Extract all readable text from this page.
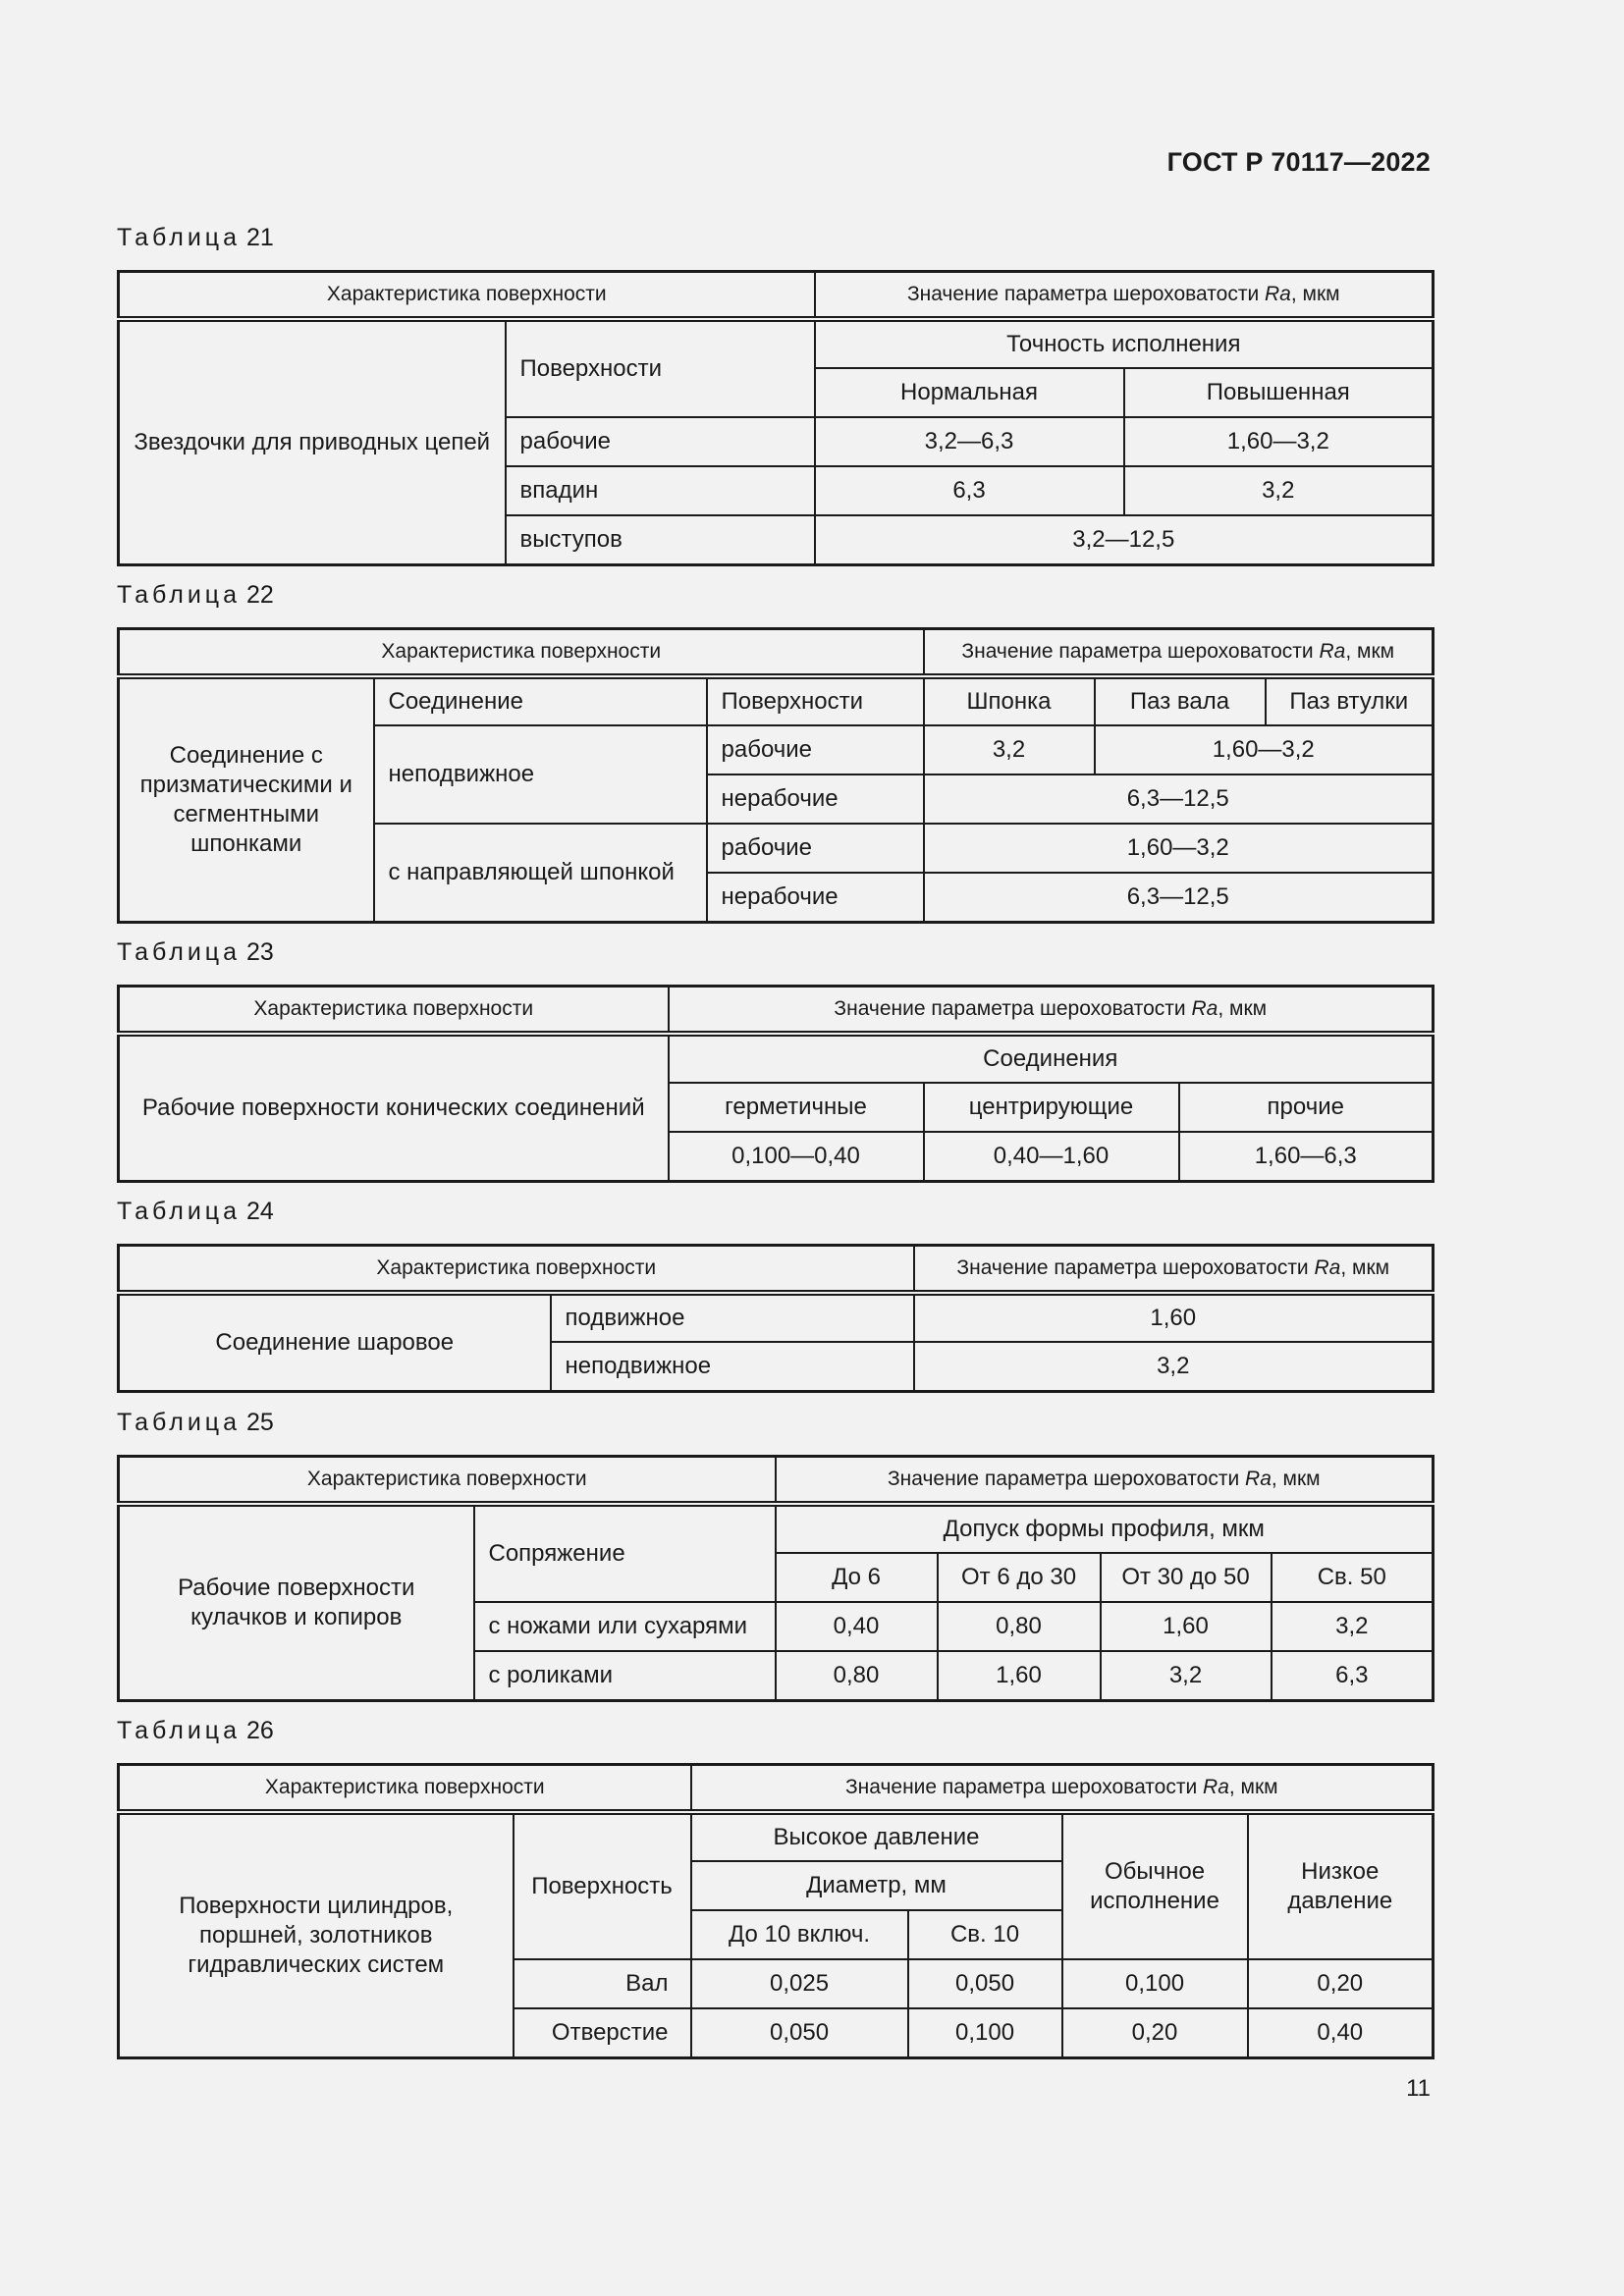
ГОСТ Р 70117—2022
Таблица 21
Характеристика поверхности		Значение параметра шероховатости Ra, мкм	
Звездочки для приводных цепей	Поверхности	Точность исполнения	
		Нормальная	Повышенная
	рабочие	3,2—6,3	1,60—3,2
	впадин	6,3	3,2
	выступов	3,2—12,5	
Таблица 22
Характеристика поверхности			Значение параметра шероховатости Ra, мкм		
Соединение с призматическими и сегментными шпонками	Соединение	Поверхности	Шпонка	Паз вала	Паз втулки
	неподвижное	рабочие	3,2	1,60—3,2	
		нерабочие	6,3—12,5		
	с направляющей шпонкой	рабочие	1,60—3,2		
		нерабочие	6,3—12,5		
Таблица 23
Характеристика поверхности	Значение параметра шероховатости Ra, мкм		
Рабочие поверхности конических соединений	Соединения		
	герметичные	центрирующие	прочие
	0,100—0,40	0,40—1,60	1,60—6,3
Таблица 24
Характеристика поверхности		Значение параметра шероховатости Ra, мкм
Соединение шаровое	подвижное	1,60
	неподвижное	3,2
Таблица 25
Характеристика поверхности		Значение параметра шероховатости Ra, мкм			
Рабочие поверхности кулачков и копиров	Сопряжение	Допуск формы профиля, мкм			
		До 6	От 6 до 30	От 30 до 50	Св. 50
	с ножами или сухарями	0,40	0,80	1,60	3,2
	с роликами	0,80	1,60	3,2	6,3
Таблица 26
Характеристика поверхности		Значение параметра шероховатости Ra, мкм			
Поверхности цилиндров, поршней, золотников гидравлических систем	Поверхность	Высокое давление		Обычное исполнение	Низкое давление
		Диаметр, мм			
		До 10 включ.	Св. 10		
	Вал	0,025	0,050	0,100	0,20
	Отверстие	0,050	0,100	0,20	0,40
11
